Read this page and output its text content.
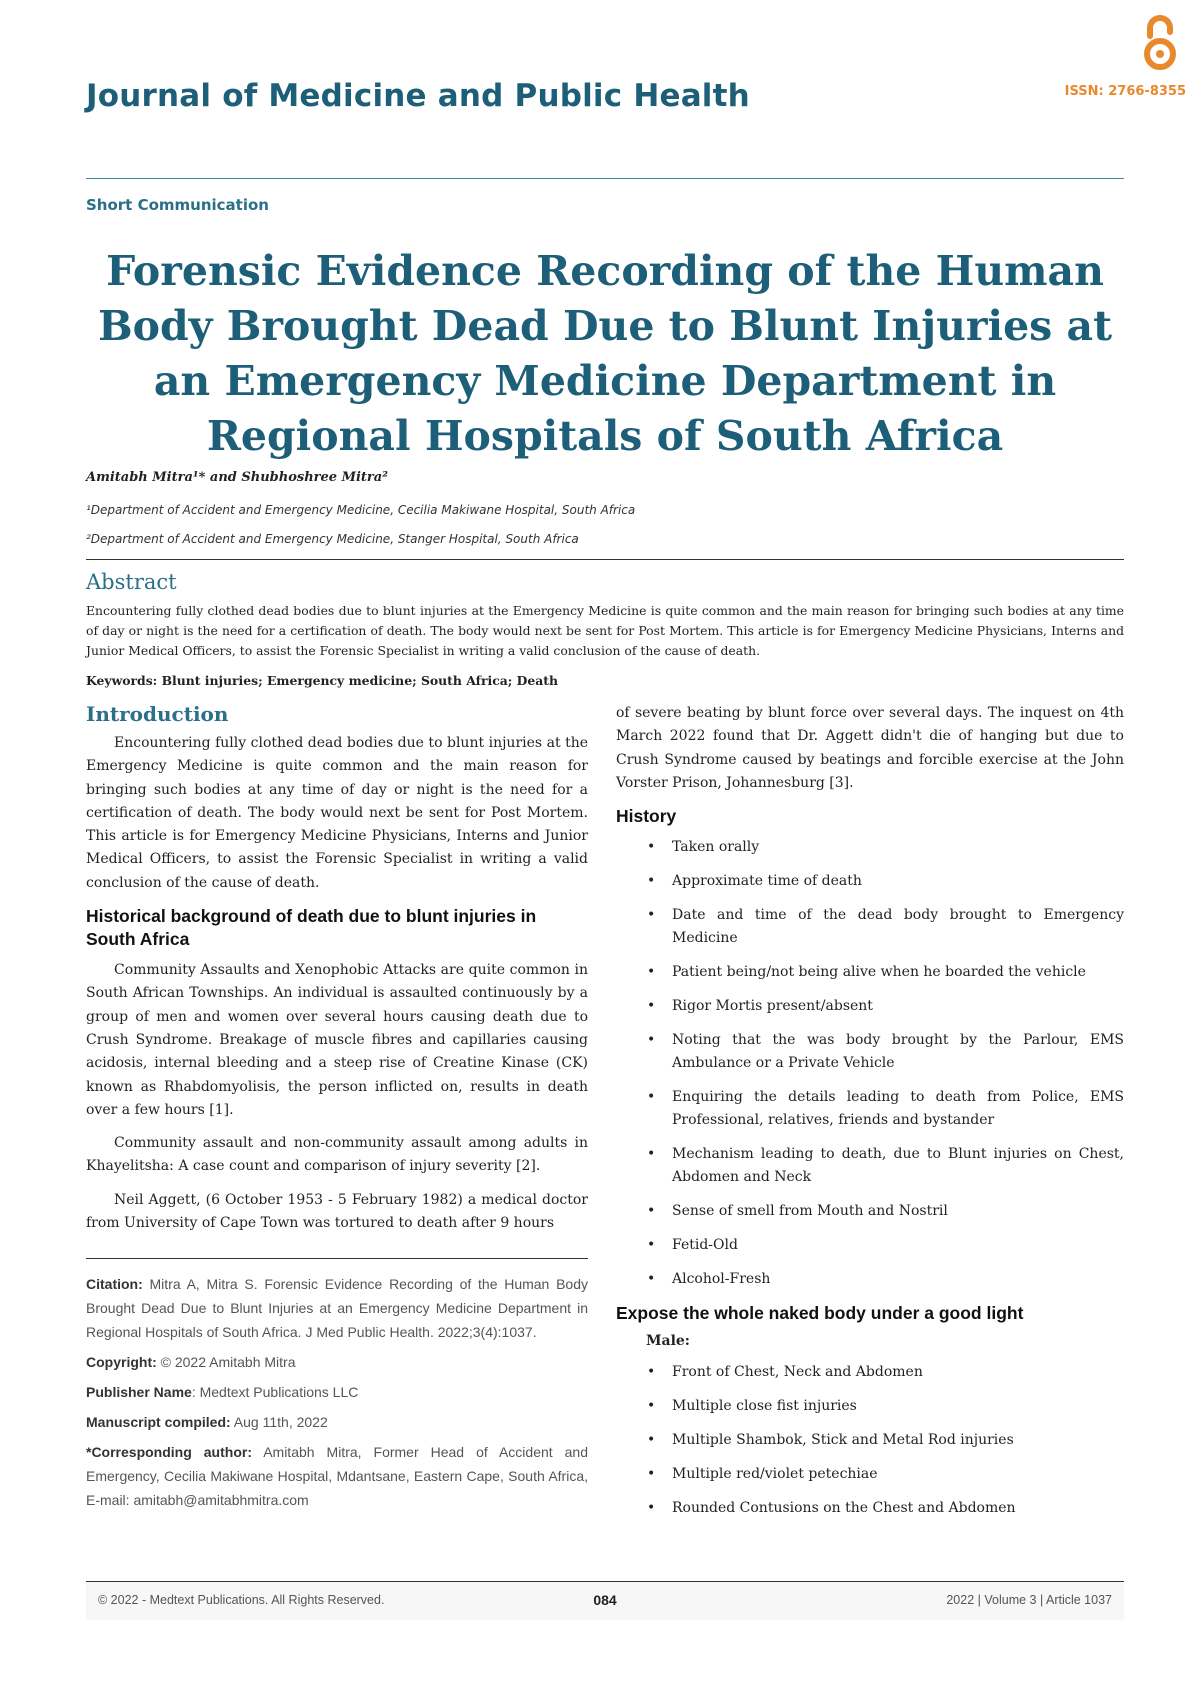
Journal of Medicine and Public Health	ISSN: 2766-8355
Short Communication
Forensic Evidence Recording of the Human Body Brought Dead Due to Blunt Injuries at an Emergency Medicine Department in Regional Hospitals of South Africa
Amitabh Mitra¹* and Shubhoshree Mitra²
¹Department of Accident and Emergency Medicine, Cecilia Makiwane Hospital, South Africa
²Department of Accident and Emergency Medicine, Stanger Hospital, South Africa
Abstract
Encountering fully clothed dead bodies due to blunt injuries at the Emergency Medicine is quite common and the main reason for bringing such bodies at any time of day or night is the need for a certification of death. The body would next be sent for Post Mortem. This article is for Emergency Medicine Physicians, Interns and Junior Medical Officers, to assist the Forensic Specialist in writing a valid conclusion of the cause of death.
Keywords: Blunt injuries; Emergency medicine; South Africa; Death
Introduction

Encountering fully clothed dead bodies due to blunt injuries at the Emergency Medicine is quite common and the main reason for bringing such bodies at any time of day or night is the need for a certification of death. The body would next be sent for Post Mortem. This article is for Emergency Medicine Physicians, Interns and Junior Medical Officers, to assist the Forensic Specialist in writing a valid conclusion of the cause of death.

Historical background of death due to blunt injuries in South Africa

Community Assaults and Xenophobic Attacks are quite common in South African Townships. An individual is assaulted continuously by a group of men and women over several hours causing death due to Crush Syndrome. Breakage of muscle fibres and capillaries causing acidosis, internal bleeding and a steep rise of Creatine Kinase (CK) known as Rhabdomyolisis, the person inflicted on, results in death over a few hours [1].

Community assault and non-community assault among adults in Khayelitsha: A case count and comparison of injury severity [2].

Neil Aggett, (6 October 1953 - 5 February 1982) a medical doctor from University of Cape Town was tortured to death after 9 hours

Citation: Mitra A, Mitra S. Forensic Evidence Recording of the Human Body Brought Dead Due to Blunt Injuries at an Emergency Medicine Department in Regional Hospitals of South Africa. J Med Public Health. 2022;3(4):1037.

Copyright: © 2022 Amitabh Mitra

Publisher Name: Medtext Publications LLC

Manuscript compiled: Aug 11th, 2022

*Corresponding author: Amitabh Mitra, Former Head of Accident and Emergency, Cecilia Makiwane Hospital, Mdantsane, Eastern Cape, South Africa, E-mail: amitabh@amitabhmitra.com

of severe beating by blunt force over several days. The inquest on 4th March 2022 found that Dr. Aggett didn't die of hanging but due to Crush Syndrome caused by beatings and forcible exercise at the John Vorster Prison, Johannesburg [3].

History
• Taken orally
• Approximate time of death
• Date and time of the dead body brought to Emergency Medicine
• Patient being/not being alive when he boarded the vehicle
• Rigor Mortis present/absent
• Noting that the was body brought by the Parlour, EMS Ambulance or a Private Vehicle
• Enquiring the details leading to death from Police, EMS Professional, relatives, friends and bystander
• Mechanism leading to death, due to Blunt injuries on Chest, Abdomen and Neck
• Sense of smell from Mouth and Nostril
• Fetid-Old
• Alcohol-Fresh
Expose the whole naked body under a good light
Male:
• Front of Chest, Neck and Abdomen
• Multiple close fist injuries
• Multiple Shambok, Stick and Metal Rod injuries
• Multiple red/violet petechiae
• Rounded Contusions on the Chest and Abdomen
© 2022 - Medtext Publications. All Rights Reserved.	084	2022 | Volume 3 | Article 1037
